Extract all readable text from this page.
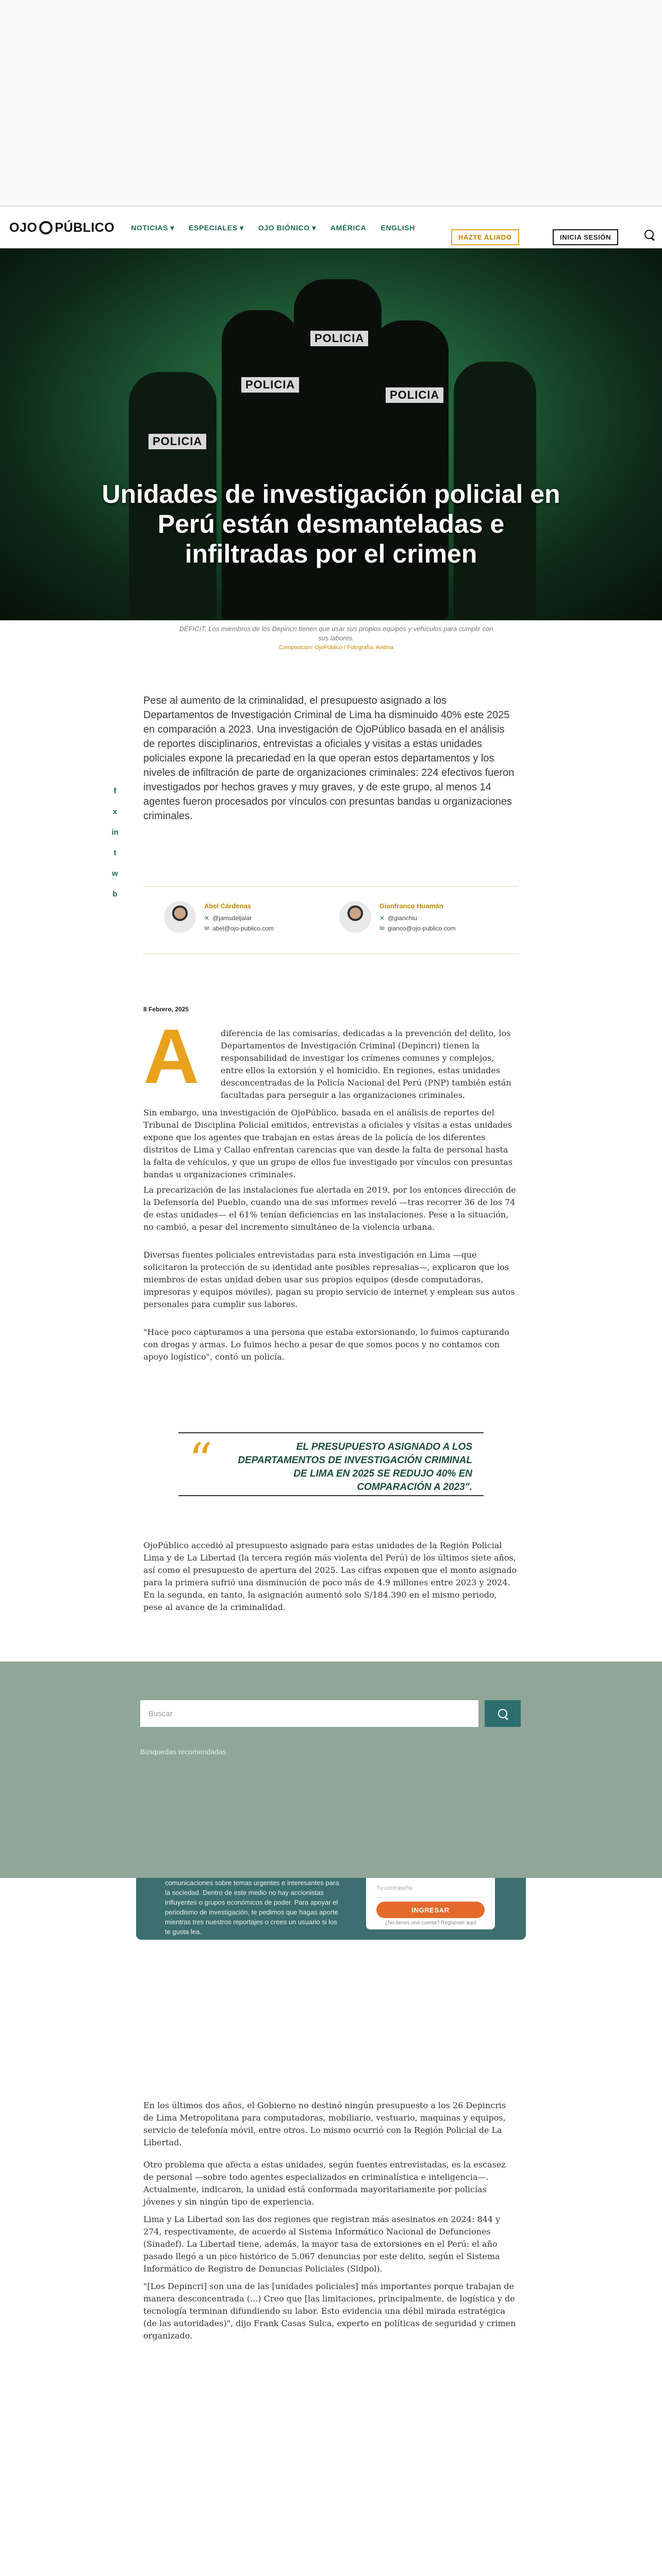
OJO PÚBLICO NOTICIAS ▾ ESPECIALES ▾ OJO BIÓNICO ▾ AMÉRICA ENGLISH
HAZTE ALIADO	INICIA SESIÓN
POLICIA
POLICIA
POLICIA
POLICIA
Unidades de investigación policial en Perú están desmanteladas e infiltradas por el crimen
DÉFICIT. Los miembros de los Depincri tienen que usar sus propios equipos y vehículos para cumplir con sus labores.
Composición: OjoPúblico / Fotografía: Andina
f
x
in
t
w
b
Pese al aumento de la criminalidad, el presupuesto asignado a los Departamentos de Investigación Criminal de Lima ha disminuido 40% este 2025 en comparación a 2023. Una investigación de OjoPúblico basada en el análisis de reportes disciplinarios, entrevistas a oficiales y visitas a estas unidades policiales expone la precariedad en la que operan estos departamentos y los niveles de infiltración de parte de organizaciones criminales: 224 efectivos fueron investigados por hechos graves y muy graves, y de este grupo, al menos 14 agentes fueron procesados por vínculos con presuntas bandas u organizaciones criminales.
Abel Cárdenas
✕ @jamsdeljalar
✉ abel@ojo-publico.com
Gianfranco Huamán
✕ @gianchiu
✉ gianco@ojo-publico.com
8 Febrero, 2025
A	diferencia de las comisarías, dedicadas a la prevención del delito, los Departamentos de Investigación Criminal (Depincri) tienen la responsabilidad de investigar los crímenes comunes y complejos, entre ellos la extorsión y el homicidio. En regiones, estas unidades desconcentradas de la Policía Nacional del Perú (PNP) también están facultadas para perseguir a las organizaciones criminales.
Sin embargo, una investigación de OjoPúblico, basada en el análisis de reportes del Tribunal de Disciplina Policial emitidos, entrevistas a oficiales y visitas a estas unidades expone que los agentes que trabajan en estas áreas de la policía de los diferentes distritos de Lima y Callao enfrentan carencias que van desde la falta de personal hasta la falta de vehículos, y que un grupo de ellos fue investigado por vínculos con presuntas bandas u organizaciones criminales.
La precarización de las instalaciones fue alertada en 2019, por los entonces dirección de la Defensoría del Pueblo, cuando una de sus informes reveló —tras recorrer 36 de los 74 de estas unidades— el 61% tenían deficiencias en las instalaciones. Pese a la situación, no cambió, a pesar del incremento simultáneo de la violencia urbana.
Diversas fuentes policiales entrevistadas para esta investigación en Lima —que solicitaron la protección de su identidad ante posibles represalias—, explicaron que los miembros de estas unidad deben usar sus propios equipos (desde computadoras, impresoras y equipos móviles), pagan su propio servicio de internet y emplean sus autos personales para cumplir sus labores.
"Hace poco capturamos a una persona que estaba extorsionando, lo fuimos capturando con drogas y armas. Lo fuimos hecho a pesar de que somos pocos y no contamos con apoyo logístico", contó un policía.
“	EL PRESUPUESTO ASIGNADO A LOS DEPARTAMENTOS DE INVESTIGACIÓN CRIMINAL DE LIMA EN 2025 SE REDUJO 40% EN COMPARACIÓN A 2023".
OjoPúblico accedió al presupuesto asignado para estas unidades de la Región Policial Lima y de La Libertad (la tercera región más violenta del Perú) de los últimos siete años, así como el presupuesto de apertura del 2025. Las cifras exponen que el monto asignado para la primera sufrió una disminución de poco más de 4.9 millones entre 2023 y 2024. En la segunda, en tanto, la asignación aumentó solo S/184.390 en el mismo periodo, pese al avance de la criminalidad.
Buscar
Búsquedas recomendadas
comunicaciones sobre temas urgentes e interesantes para la sociedad. Dentro de este medio no hay accionistas influyentes o grupos económicos de poder. Para apoyar el periodismo de investigación, te pedimos que hagas aporte mientras tres nuestros reportajes o crees un usuario si los te gusta lea.
Tu contraseña
INGRESAR
¿No tienes una cuenta? Regístrate aquí
En los últimos dos años, el Gobierno no destinó ningún presupuesto a los 26 Depincris de Lima Metropolitana para computadoras, mobiliario, vestuario, maquinas y equipos, servicio de telefonía móvil, entre otros. Lo mismo ocurrió con la Región Policial de La Libertad.
Otro problema que afecta a estas unidades, según fuentes entrevistadas, es la escasez de personal —sobre todo agentes especializados en criminalística e inteligencia—. Actualmente, indicaron, la unidad está conformada mayoritariamente por policías jóvenes y sin ningún tipo de experiencia.
Lima y La Libertad son las dos regiones que registran más asesinatos en 2024: 844 y 274, respectivamente, de acuerdo al Sistema Informático Nacional de Defunciones (Sinadef). La Libertad tiene, además, la mayor tasa de extorsiones en el Perú: el año pasado llegó a un pico histórico de 5.067 denuncias por este delito, según el Sistema Informático de Registro de Denuncias Policiales (Sidpol).
"[Los Depincri] son una de las [unidades policiales] más importantes porque trabajan de manera desconcentrada (...) Creo que [las limitaciones, principalmente, de logística y de tecnología terminan difundiendo su labor. Esto evidencia una débil mirada estratégica (de las autoridades)", dijo Frank Casas Sulca, experto en políticas de seguridad y crimen organizado.
